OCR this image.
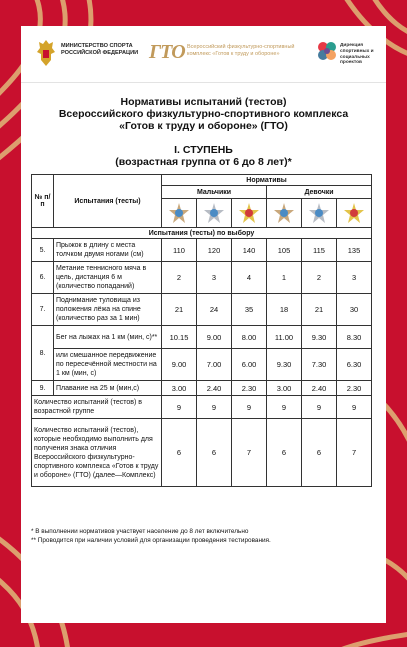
МИНИСТЕРСТВО СПОРТА РОССИЙСКОЙ ФЕДЕРАЦИИ ГТО Всероссийский физкультурно-спортивный комплекс «Готов к труду и обороне»
Дирекция спортивных и социальных проектов
Нормативы испытаний (тестов)
Всероссийского физкультурно-спортивного комплекса
«Готов к труду и обороне» (ГТО)
I. СТУПЕНЬ
(возрастная группа от 6 до 8 лет)*
№ п/п	Испытания (тесты)	Нормативы					
		Мальчики			Девочки		

Испытания (тесты) по выбору							
5.	Прыжок в длину с места толчком двумя ногами (см)	110	120	140	105	115	135
6.	Метание теннисного мяча в цель, дистанция 6 м (количество попаданий)	2	3	4	1	2	3
7.	Поднимание туловища из положения лёжа на спине (количество раз за 1 мин)	21	24	35	18	21	30
8.	Бег на лыжах на 1 км (мин, с)**	10.15	9.00	8.00	11.00	9.30	8.30
	или смешанное передвижение по пересечённой местности на 1 км (мин, с)	9.00	7.00	6.00	9.30	7.30	6.30
9.	Плавание на 25 м (мин,с)	3.00	2.40	2.30	3.00	2.40	2.30
Количество испытаний (тестов) в возрастной группе		9	9	9	9	9	9
Количество испытаний (тестов), которые необходимо выполнить для получения знака отличия Всероссийского физкультурно-спортивного комплекса «Готов к труду и обороне» (ГТО) (далее—Комплекс)		6	6	7	6	6	7
* В выполнении нормативов участвует население до 8 лет включительно
** Проводится при наличии условий для организации проведения тестирования.
